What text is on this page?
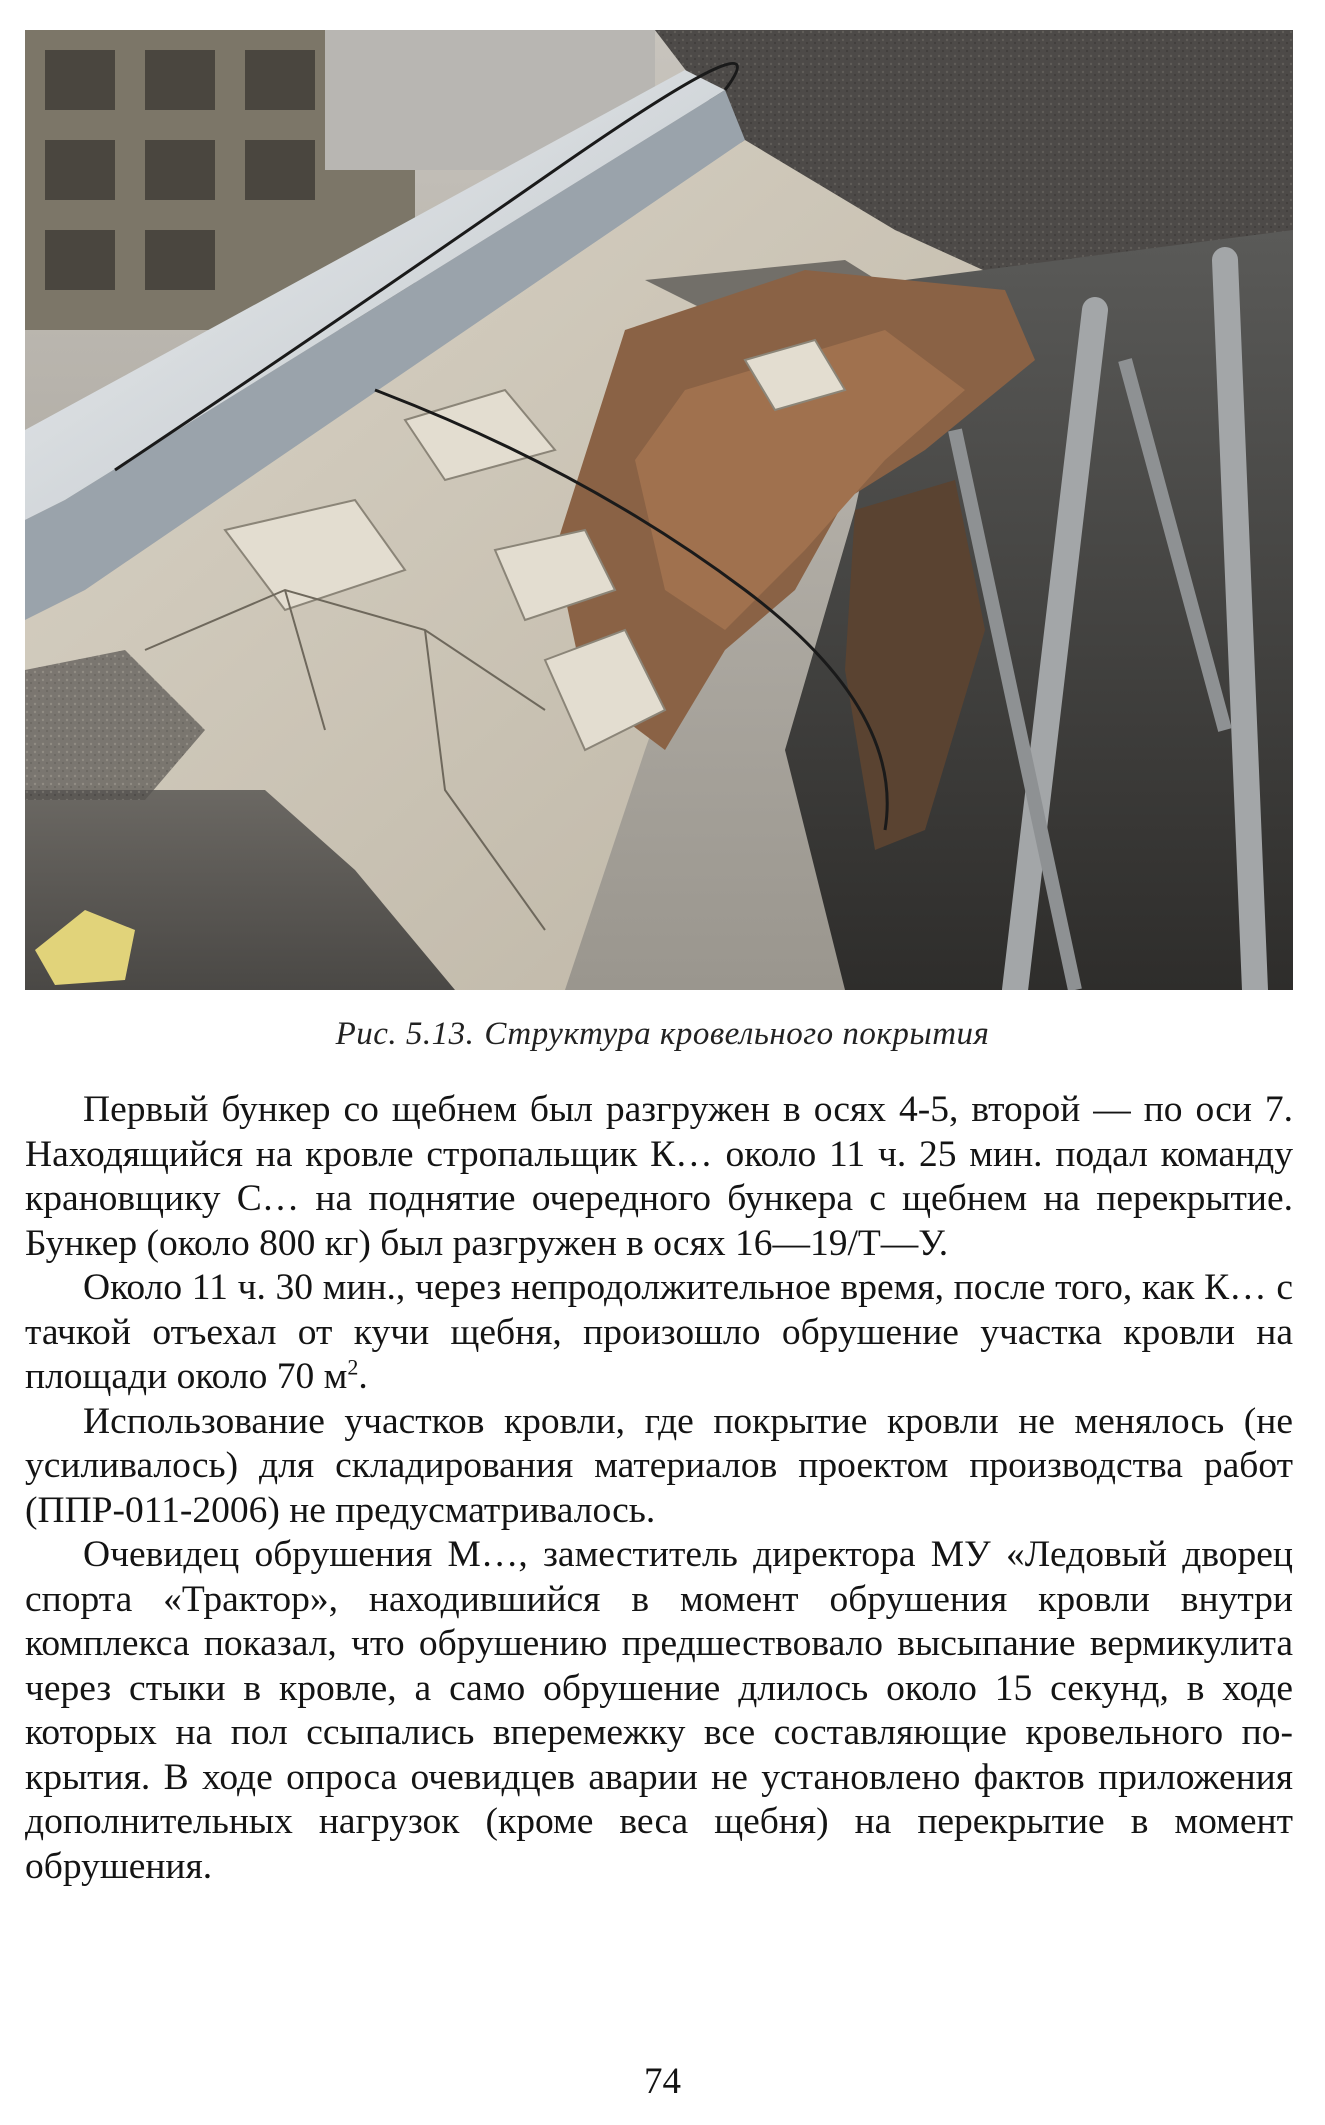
Рис. 5.13. Структура кровельного покрытия

Первый бункер со щебнем был разгружен в осях 4-5, второй — по оси 7. Находящийся на кровле стропальщик К… около 11 ч. 25 мин. подал команду крановщику С… на поднятие очередного бункера с щебнем на перекрытие. Бункер (около 800 кг) был разгружен в осях 16—19/Т—У.

Около 11 ч. 30 мин., через непродолжительное время, после того, как К… с тачкой отъехал от кучи щебня, произошло обрушение участка кровли на площади около 70 $м^2$.

Использование участков кровли, где покрытие кровли не менялось (не усиливалось) для складирования материалов проектом производства работ (ППР-011-2006) не предусматривалось.

Очевидец обрушения М…, заместитель директора МУ «Ледовый дворец спорта «Трактор», находившийся в момент обрушения кровли внутри комплекса показал, что обрушению предшествовало высыпание вермикулита через стыки в кровле, а само обрушение длилось около 15 секунд, в ходе которых на пол ссыпались вперемежку все составляющие кровельного покрытия. В ходе опроса очевидцев аварии не установлено фактов приложения дополнительных нагрузок (кроме веса щебня) на перекрытие в момент обрушения.

74
